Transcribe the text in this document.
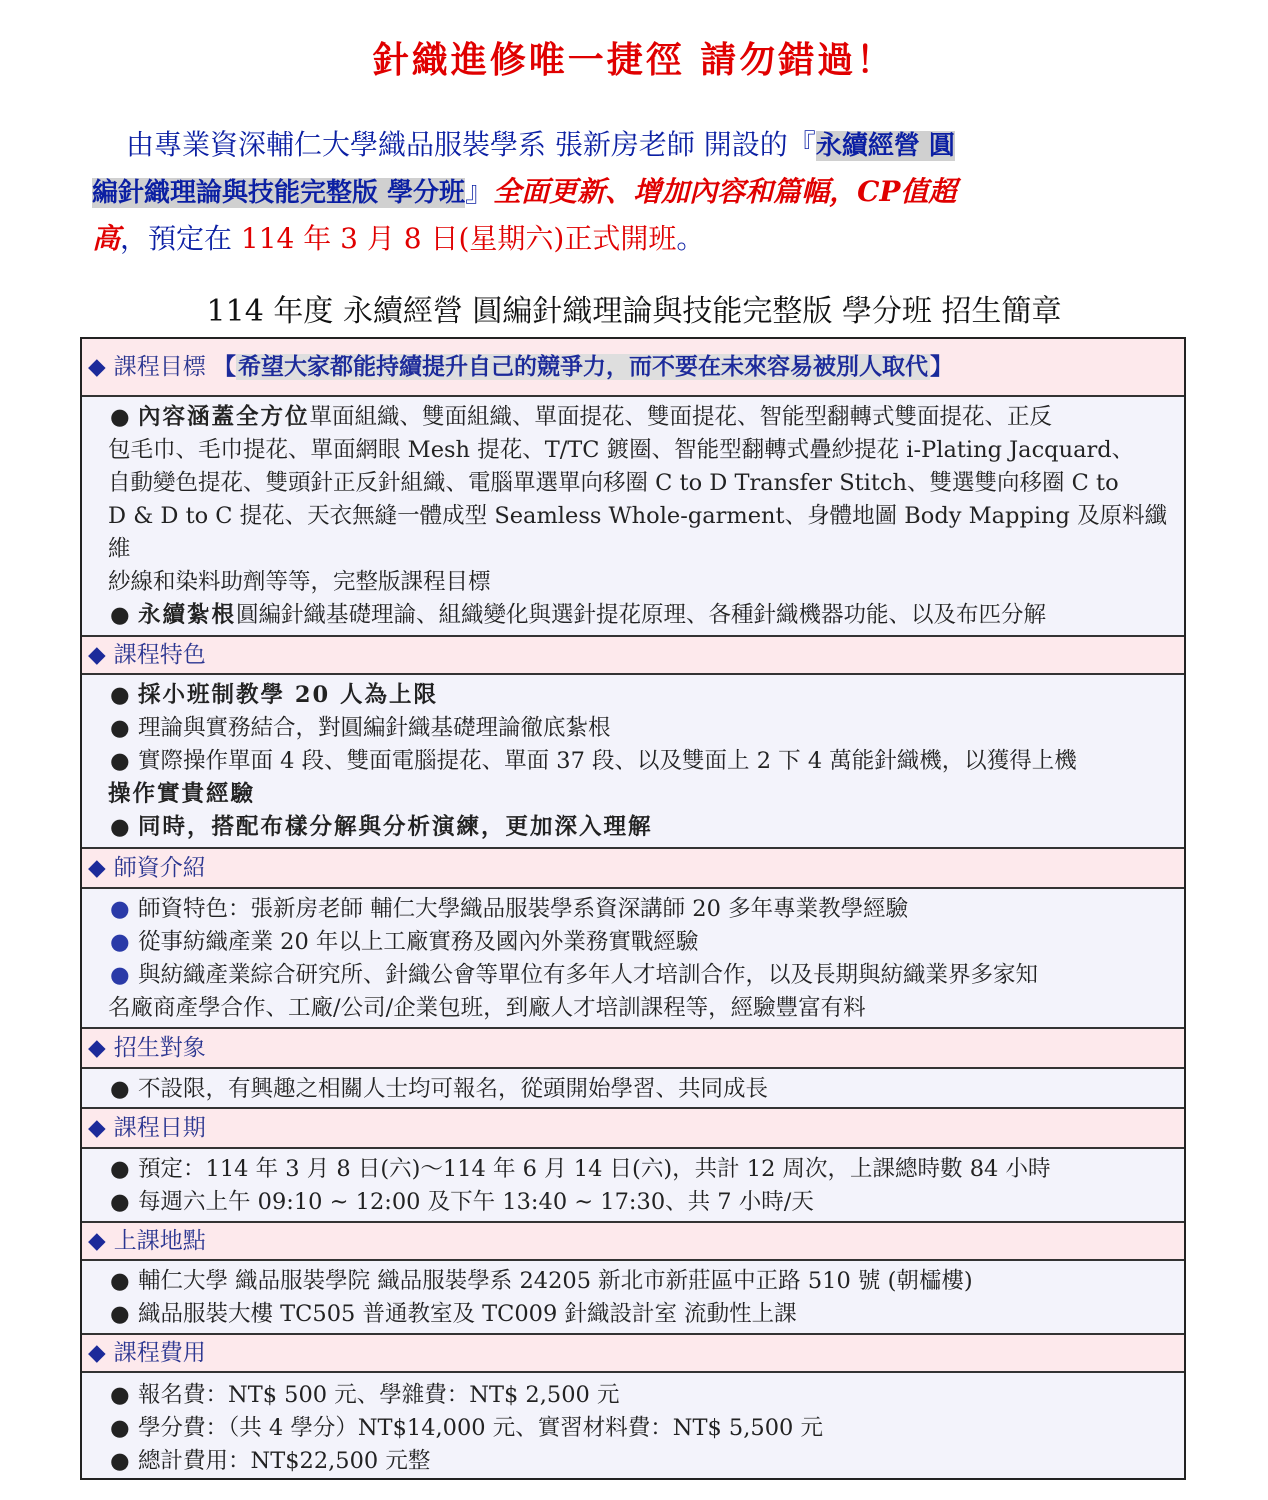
針織進修唯一捷徑 請勿錯過！
由專業資深輔仁大學織品服裝學系 張新房老師 開設的『永續經營 圓
編針織理論與技能完整版 學分班』全面更新、增加內容和篇幅，CP值超
高，預定在 114 年 3 月 8 日(星期六)正式開班。
114 年度 永續經營 圓編針織理論與技能完整版 學分班 招生簡章
◆ 課程目標 【希望大家都能持續提升自己的競爭力，而不要在未來容易被別人取代】
● 內容涵蓋全方位單面組織、雙面組織、單面提花、雙面提花、智能型翻轉式雙面提花、正反
包毛巾、毛巾提花、單面網眼 Mesh 提花、T/TC 鍍圈、智能型翻轉式疊紗提花 i-Plating Jacquard、
自動變色提花、雙頭針正反針組織、電腦單選單向移圈 C to D Transfer Stitch、雙選雙向移圈 C to
D & D to C 提花、天衣無縫一體成型 Seamless Whole-garment、身體地圖 Body Mapping 及原料纖維
紗線和染料助劑等等，完整版課程目標
● 永續紮根圓編針織基礎理論、組織變化與選針提花原理、各種針織機器功能、以及布匹分解
◆ 課程特色
● 採小班制教學 20 人為上限
● 理論與實務結合，對圓編針織基礎理論徹底紮根
● 實際操作單面 4 段、雙面電腦提花、單面 37 段、以及雙面上 2 下 4 萬能針織機，以獲得上機
操作實貴經驗
● 同時，搭配布樣分解與分析演練，更加深入理解
◆ 師資介紹
● 師資特色：張新房老師 輔仁大學織品服裝學系資深講師 20 多年專業教學經驗
● 從事紡織產業 20 年以上工廠實務及國內外業務實戰經驗
● 與紡織產業綜合研究所、針織公會等單位有多年人才培訓合作，以及長期與紡織業界多家知
名廠商產學合作、工廠/公司/企業包班，到廠人才培訓課程等，經驗豐富有料
◆ 招生對象
● 不設限，有興趣之相關人士均可報名，從頭開始學習、共同成長
◆ 課程日期
● 預定：114 年 3 月 8 日(六)～114 年 6 月 14 日(六)，共計 12 周次，上課總時數 84 小時
● 每週六上午 09:10 ~ 12:00 及下午 13:40 ~ 17:30、共 7 小時/天
◆ 上課地點
● 輔仁大學 織品服裝學院 織品服裝學系 24205 新北市新莊區中正路 510 號 (朝櫺樓)
● 織品服裝大樓 TC505 普通教室及 TC009 針織設計室 流動性上課
◆ 課程費用
● 報名費：NT$ 500 元、學雜費：NT$ 2,500 元
● 學分費：（共 4 學分）NT$14,000 元、實習材料費：NT$ 5,500 元
● 總計費用：NT$22,500 元整
